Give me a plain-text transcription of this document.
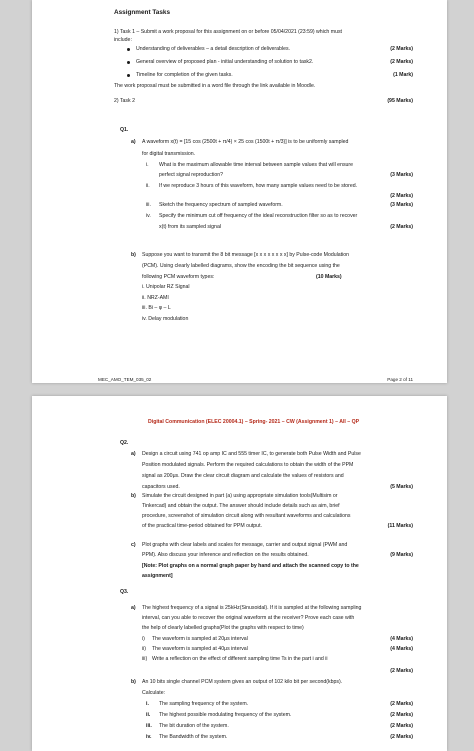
Assignment Tasks
1) Task 1 – Submit a work proposal for this assignment on or before 05/04/2021 (23:59) which must
include:
Understanding of deliverables – a detail description of deliverables.	(2 Marks)
General overview of proposed plan - initial understanding of solution to task2.	(2 Marks)
Timeline for completion of the given tasks.	(1 Mark)
The work proposal must be submitted in a word file through the link available in Moodle.
2) Task 2	(95 Marks)
Q1.
a) A waveform x(t) = [15 cos (2500t + π/4) × 25 cos (1500t + π/3)] is to be uniformly sampled
for digital transmission.
i. What is the maximum allowable time interval between sample values that will ensure
perfect signal reproduction?	(3 Marks)
ii. If we reproduce 3 hours of this waveform, how many sample values need to be stored.
(2 Marks)
iii. Sketch the frequency spectrum of sampled waveform.	(3 Marks)
iv. Specify the minimum cut off frequency of the ideal reconstruction filter so as to recover
x(t) from its sampled signal	(2 Marks)
b) Suppose you want to transmit the 8 bit message [x x x x x x x x] by Pulse-code Modulation
(PCM). Using clearly labelled diagrams, show the encoding the bit sequence using the
following PCM waveform types:	(10 Marks)
i. Unipolar RZ Signal
ii. NRZ-AMI
iii. Bi – φ – L
iv. Delay modulation
MEC_AMO_TEM_035_02	Page 2 of 11
Digital Communication (ELEC 20004.1) – Spring- 2021 – CW (Assignment 1) – All – QP
Q2.
a) Design a circuit using 741 op amp IC and 555 timer IC, to generate both Pulse Width and Pulse
Position modulated signals. Perform the required calculations to obtain the width of the PPM
signal as 200μs. Draw the clear circuit diagram and calculate the values of resistors and
capacitors used.	(5 Marks)
b) Simulate the circuit designed in part (a) using appropriate simulation tools(Multisim or
Tinkercad) and obtain the output. The answer should include details such as aim, brief
procedure, screenshot of simulation circuit along with resultant waveforms and calculations
of the practical time-period obtained for PPM output.	(11 Marks)
c) Plot graphs with clear labels and scales for message, carrier and output signal (PWM and
PPM). Also discuss your inference and reflection on the results obtained.	(9 Marks)
[Note: Plot graphs on a normal graph paper by hand and attach the scanned copy to the
assignment]
Q3.
a) The highest frequency of a signal is 25kHz(Sinusoidal). If it is sampled at the following sampling
interval, can you able to recover the original waveform at the receiver? Prove each case with
the help of clearly labelled graphs(Plot the graphs with respect to time)
i) The waveform is sampled at 20μs interval	(4 Marks)
ii) The waveform is sampled at 40μs interval	(4 Marks)
iii) Write a reflection on the effect of different sampling time Ts in the part i and ii
(2 Marks)
b) An 10 bits single channel PCM system gives an output of 102 kilo bit per second(kbps).
Calculate:
i. The sampling frequency of the system.	(2 Marks)
ii. The highest possible modulating frequency of the system.	(2 Marks)
iii. The bit duration of the system.	(2 Marks)
iv. The Bandwidth of the system.	(2 Marks)
